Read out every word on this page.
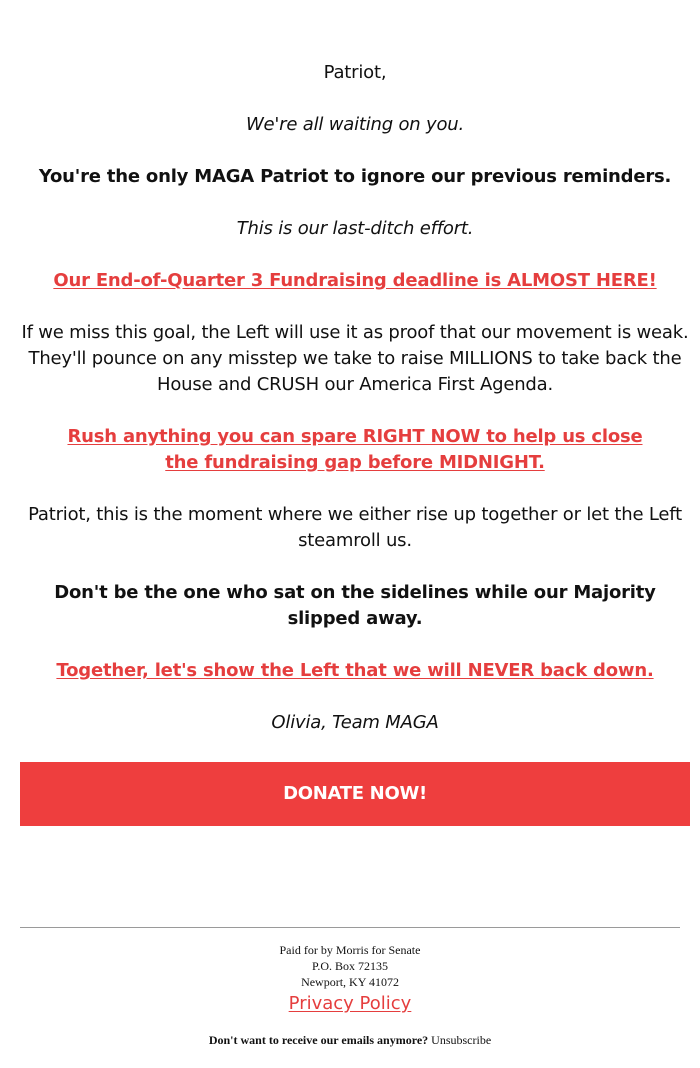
Patriot,
We're all waiting on you.
You're the only MAGA Patriot to ignore our previous reminders.
This is our last-ditch effort.
Our End-of-Quarter 3 Fundraising deadline is ALMOST HERE!
If we miss this goal, the Left will use it as proof that our movement is weak. They'll pounce on any misstep we take to raise MILLIONS to take back the House and CRUSH our America First Agenda.
Rush anything you can spare RIGHT NOW to help us close the fundraising gap before MIDNIGHT.
Patriot, this is the moment where we either rise up together or let the Left steamroll us.
Don't be the one who sat on the sidelines while our Majority slipped away.
Together, let's show the Left that we will NEVER back down.
Olivia, Team MAGA
DONATE NOW!
Paid for by Morris for Senate
P.O. Box 72135
Newport, KY 41072
Privacy Policy
Don't want to receive our emails anymore? Unsubscribe
